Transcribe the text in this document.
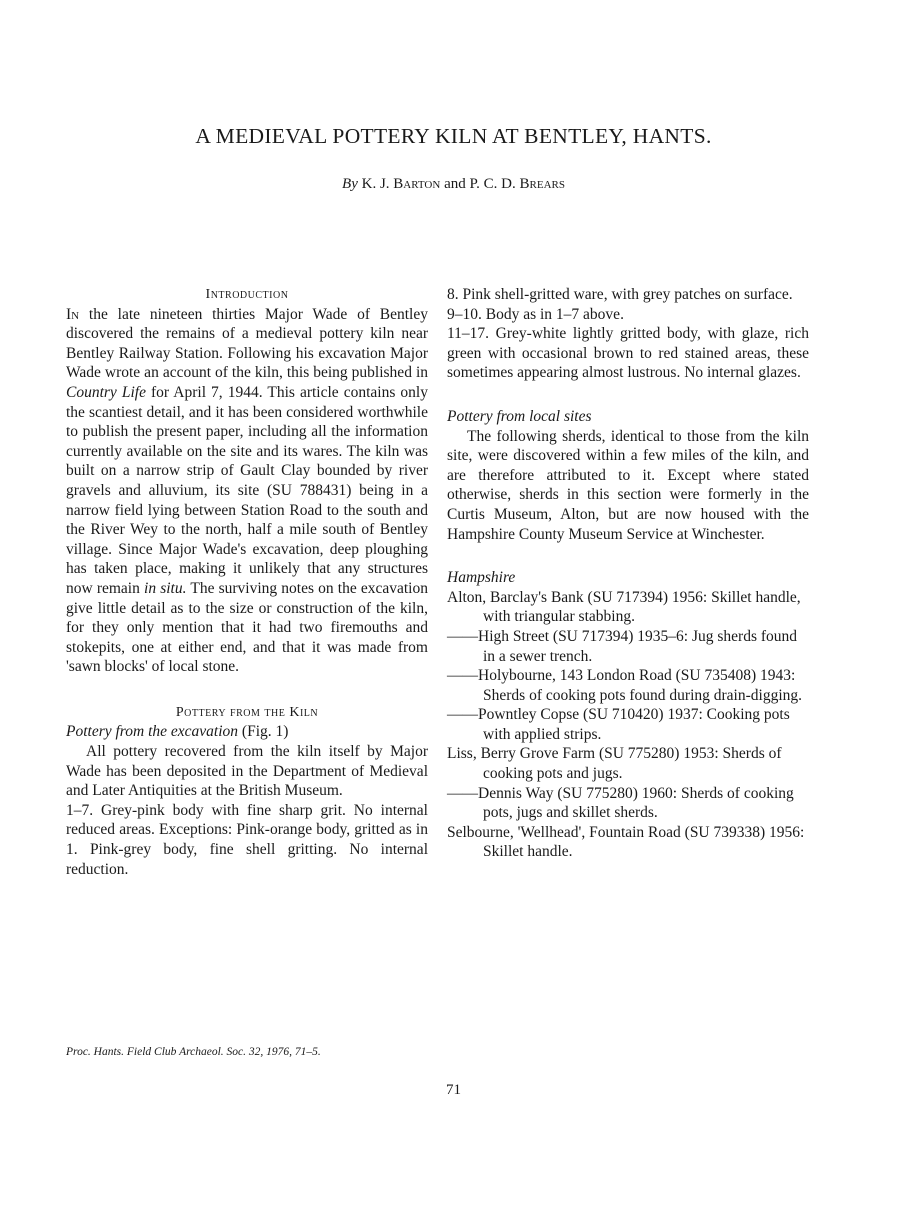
A MEDIEVAL POTTERY KILN AT BENTLEY, HANTS.
By K. J. Barton and P. C. D. Brears

Introduction

In the late nineteen thirties Major Wade of Bentley discovered the remains of a medieval pottery kiln near Bentley Railway Station. Following his excavation Major Wade wrote an account of the kiln, this being published in Country Life for April 7, 1944. This article contains only the scantiest detail, and it has been considered worthwhile to publish the present paper, including all the information currently available on the site and its wares. The kiln was built on a narrow strip of Gault Clay bounded by river gravels and alluvium, its site (SU 788431) being in a narrow field lying between Station Road to the south and the River Wey to the north, half a mile south of Bentley village. Since Major Wade's excavation, deep ploughing has taken place, making it unlikely that any structures now remain in situ. The surviving notes on the excavation give little detail as to the size or construction of the kiln, for they only mention that it had two firemouths and stokepits, one at either end, and that it was made from 'sawn blocks' of local stone.

Pottery from the Kiln

Pottery from the excavation (Fig. 1)

All pottery recovered from the kiln itself by Major Wade has been deposited in the Department of Medieval and Later Antiquities at the British Museum.

1–7. Grey-pink body with fine sharp grit. No internal reduced areas. Exceptions: Pink-orange body, gritted as in 1. Pink-grey body, fine shell gritting. No internal reduction.

8. Pink shell-gritted ware, with grey patches on surface.

9–10. Body as in 1–7 above.

11–17. Grey-white lightly gritted body, with glaze, rich green with occasional brown to red stained areas, these sometimes appearing almost lustrous. No internal glazes.

Pottery from local sites

The following sherds, identical to those from the kiln site, were discovered within a few miles of the kiln, and are therefore attributed to it. Except where stated otherwise, sherds in this section were formerly in the Curtis Museum, Alton, but are now housed with the Hampshire County Museum Service at Winchester.

Hampshire

Alton, Barclay's Bank (SU 717394) 1956: Skillet handle, with triangular stabbing.

——High Street (SU 717394) 1935–6: Jug sherds found in a sewer trench.

——Holybourne, 143 London Road (SU 735408) 1943: Sherds of cooking pots found during drain-digging.

——Powntley Copse (SU 710420) 1937: Cooking pots with applied strips.

Liss, Berry Grove Farm (SU 775280) 1953: Sherds of cooking pots and jugs.

——Dennis Way (SU 775280) 1960: Sherds of cooking pots, jugs and skillet sherds.

Selbourne, 'Wellhead', Fountain Road (SU 739338) 1956: Skillet handle.

Proc. Hants. Field Club Archaeol. Soc. 32, 1976, 71–5.
71
